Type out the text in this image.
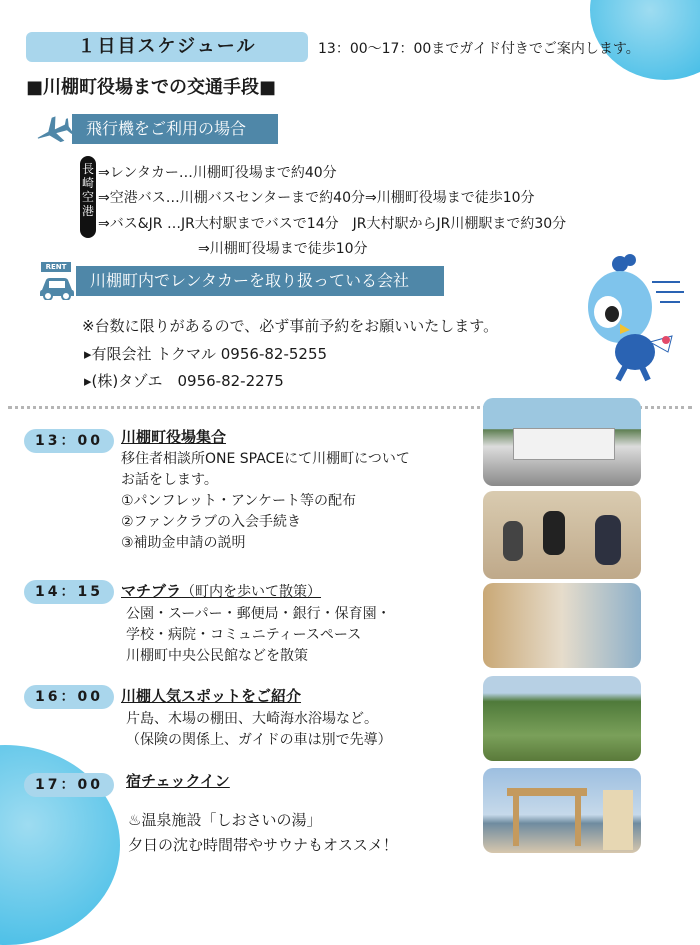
１日目スケジュール	13：00～17：00までガイド付きでご案内します。
■川棚町役場までの交通手段■
飛行機をご利用の場合
長崎空港
⇒レンタカー…川棚町役場まで約40分
⇒空港バス…川棚バスセンターまで約40分⇒川棚町役場まで徒歩10分
⇒バス&JR …JR大村駅までバスで14分　JR大村駅からJR川棚駅まで約30分
⇒川棚町役場まで徒歩10分
RENT
川棚町内でレンタカーを取り扱っている会社
※台数に限りがあるので、必ず事前予約をお願いいたします。
▸有限会社 トクマル 0956-82-5255
▸(株)タゾエ　0956-82-2275
13：00	川棚町役場集合
移住者相談所ONE SPACEにて川棚町について
お話をします。
①パンフレット・アンケート等の配布
②ファンクラブの入会手続き
③補助金申請の説明
14：15	マチブラ（町内を歩いて散策）
公園・スーパー・郵便局・銀行・保育園・
学校・病院・コミュニティースペース
川棚町中央公民館などを散策
16：00	川棚人気スポットをご紹介
片島、木場の棚田、大崎海水浴場など。
（保険の関係上、ガイドの車は別で先導）
17：00	宿チェックイン
♨温泉施設「しおさいの湯」
夕日の沈む時間帯やサウナもオススメ！
